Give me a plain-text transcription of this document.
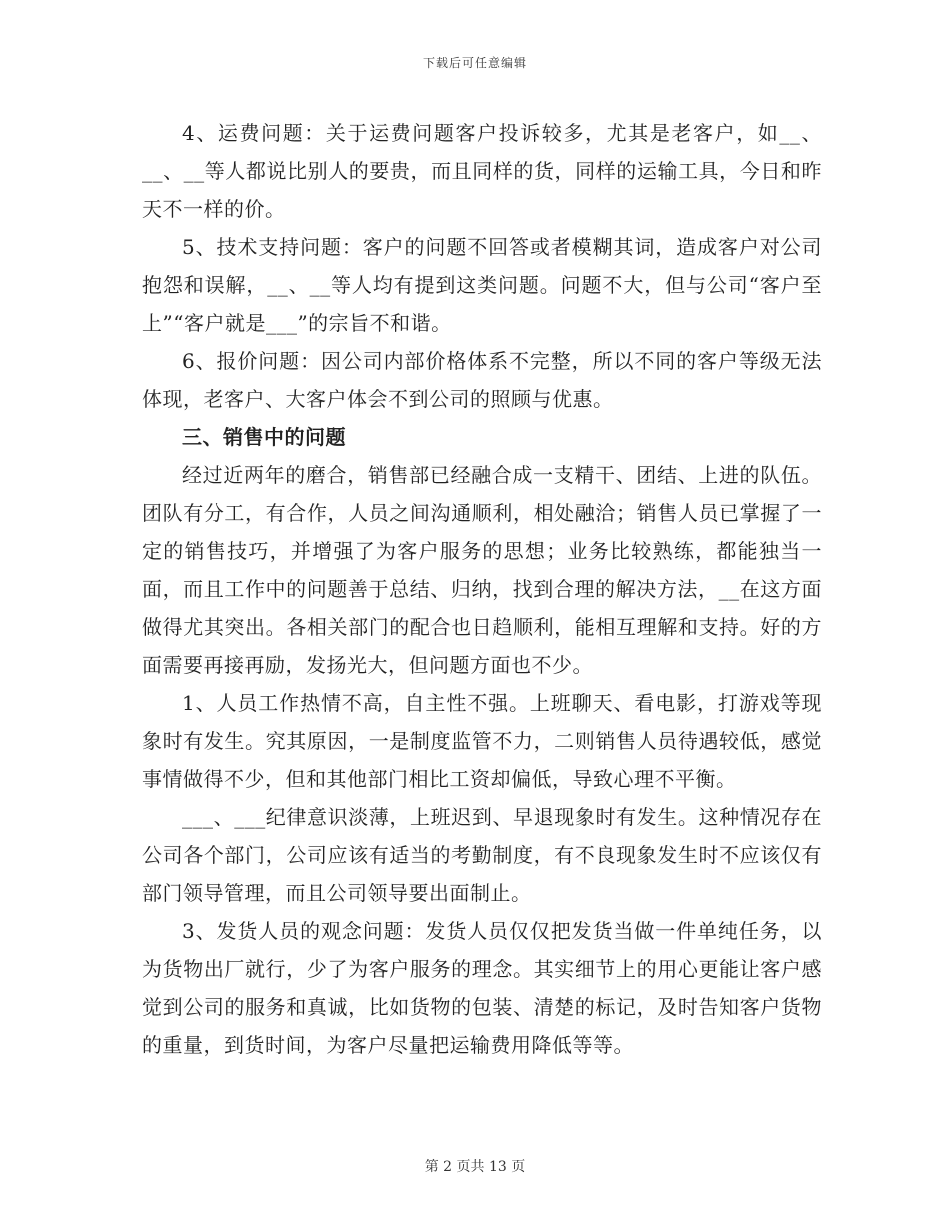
下载后可任意编辑

4、运费问题：关于运费问题客户投诉较多，尤其是老客户，如__、__、__等人都说比别人的要贵，而且同样的货，同样的运输工具，今日和昨天不一样的价。

5、技术支持问题：客户的问题不回答或者模糊其词，造成客户对公司抱怨和误解，__、__等人均有提到这类问题。问题不大，但与公司“客户至上”“客户就是___”的宗旨不和谐。

6、报价问题：因公司内部价格体系不完整，所以不同的客户等级无法体现，老客户、大客户体会不到公司的照顾与优惠。

三、销售中的问题

经过近两年的磨合，销售部已经融合成一支精干、团结、上进的队伍。团队有分工，有合作，人员之间沟通顺利，相处融洽；销售人员已掌握了一定的销售技巧，并增强了为客户服务的思想；业务比较熟练，都能独当一面，而且工作中的问题善于总结、归纳，找到合理的解决方法，__在这方面做得尤其突出。各相关部门的配合也日趋顺利，能相互理解和支持。好的方面需要再接再励，发扬光大，但问题方面也不少。

1、人员工作热情不高，自主性不强。上班聊天、看电影，打游戏等现象时有发生。究其原因，一是制度监管不力，二则销售人员待遇较低，感觉事情做得不少，但和其他部门相比工资却偏低，导致心理不平衡。

___、___纪律意识淡薄，上班迟到、早退现象时有发生。这种情况存在公司各个部门，公司应该有适当的考勤制度，有不良现象发生时不应该仅有部门领导管理，而且公司领导要出面制止。

3、发货人员的观念问题：发货人员仅仅把发货当做一件单纯任务，以为货物出厂就行，少了为客户服务的理念。其实细节上的用心更能让客户感觉到公司的服务和真诚，比如货物的包装、清楚的标记，及时告知客户货物的重量，到货时间，为客户尽量把运输费用降低等等。

第 2 页共 13 页
